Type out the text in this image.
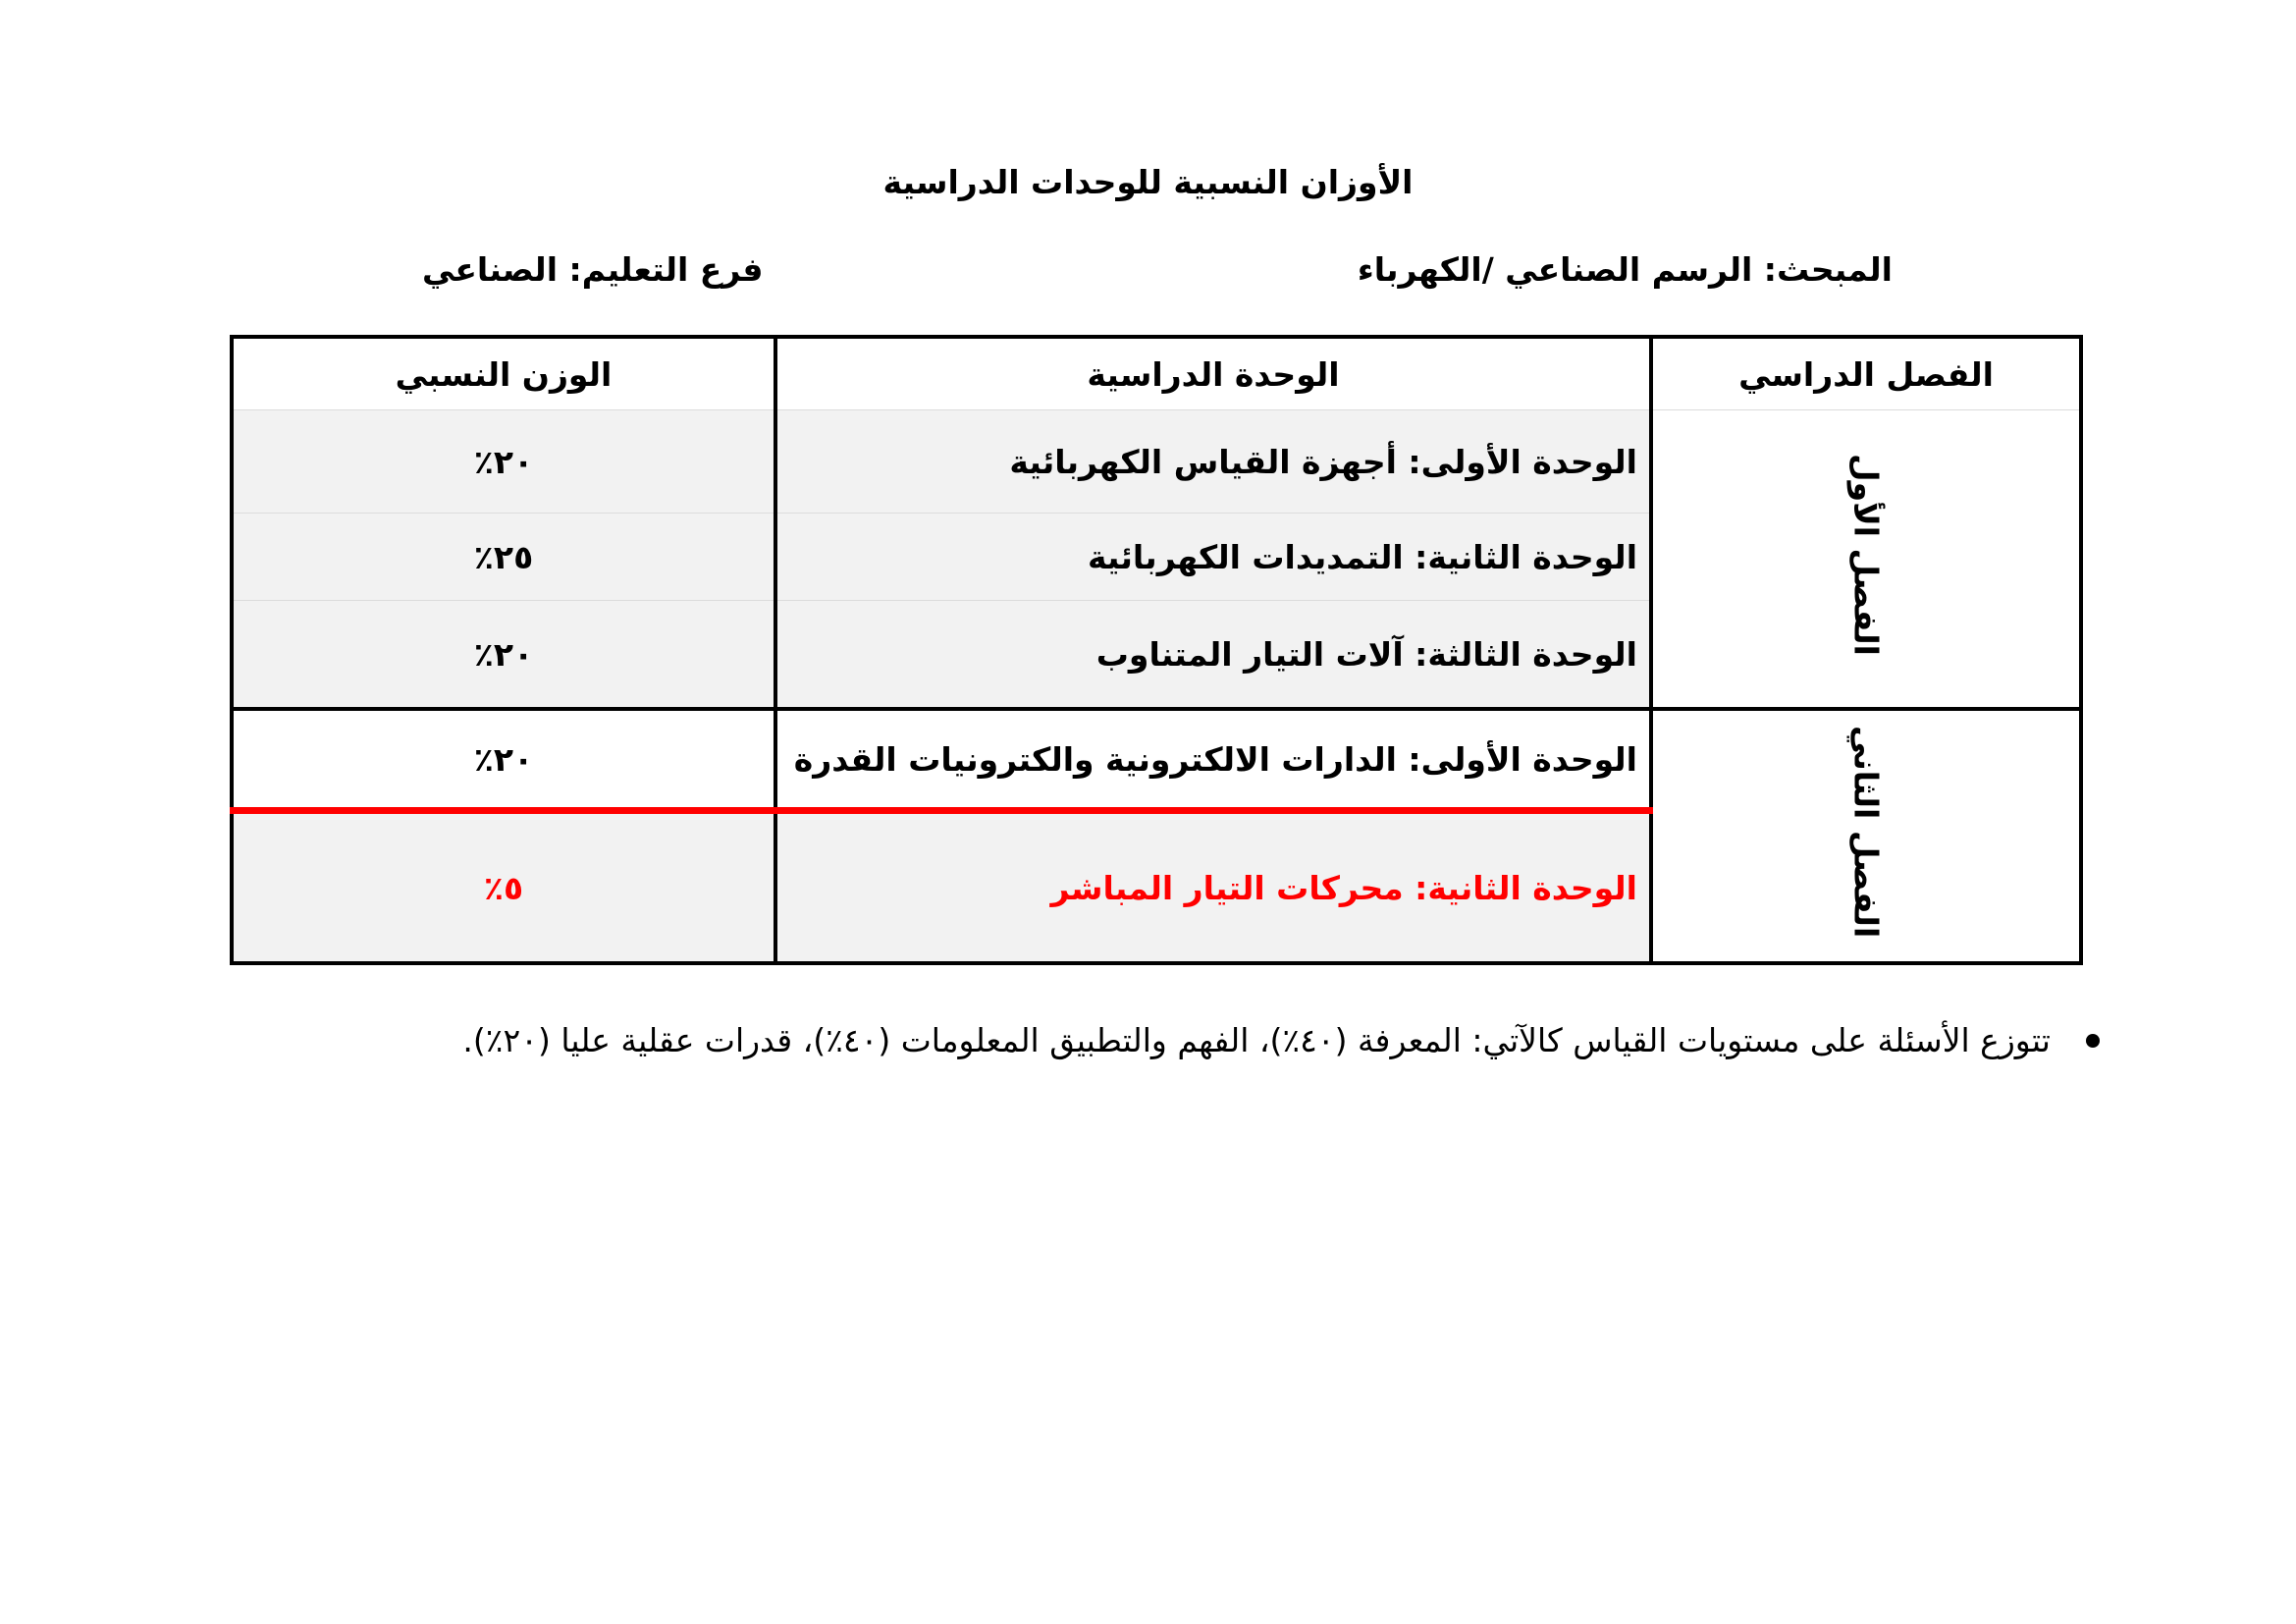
الأوزان النسبية للوحدات الدراسية
المبحث: الرسم الصناعي /الكهرباء
فرع التعليم: الصناعي
الفصل الدراسي	الوحدة الدراسية	الوزن النسبي
الفصل الأول	الوحدة الأولى: أجهزة القياس الكهربائية	٢٠٪
	الوحدة الثانية: التمديدات الكهربائية	٢٥٪
	الوحدة الثالثة: آلات التيار المتناوب	٢٠٪
الفصل الثاني	الوحدة الأولى: الدارات الالكترونية والكترونيات القدرة	٢٠٪
	الوحدة الثانية: محركات التيار المباشر	٥٪
تتوزع الأسئلة على مستويات القياس كالآتي: المعرفة (٤٠٪)، الفهم والتطبيق المعلومات (٤٠٪)، قدرات عقلية عليا (٢٠٪).
